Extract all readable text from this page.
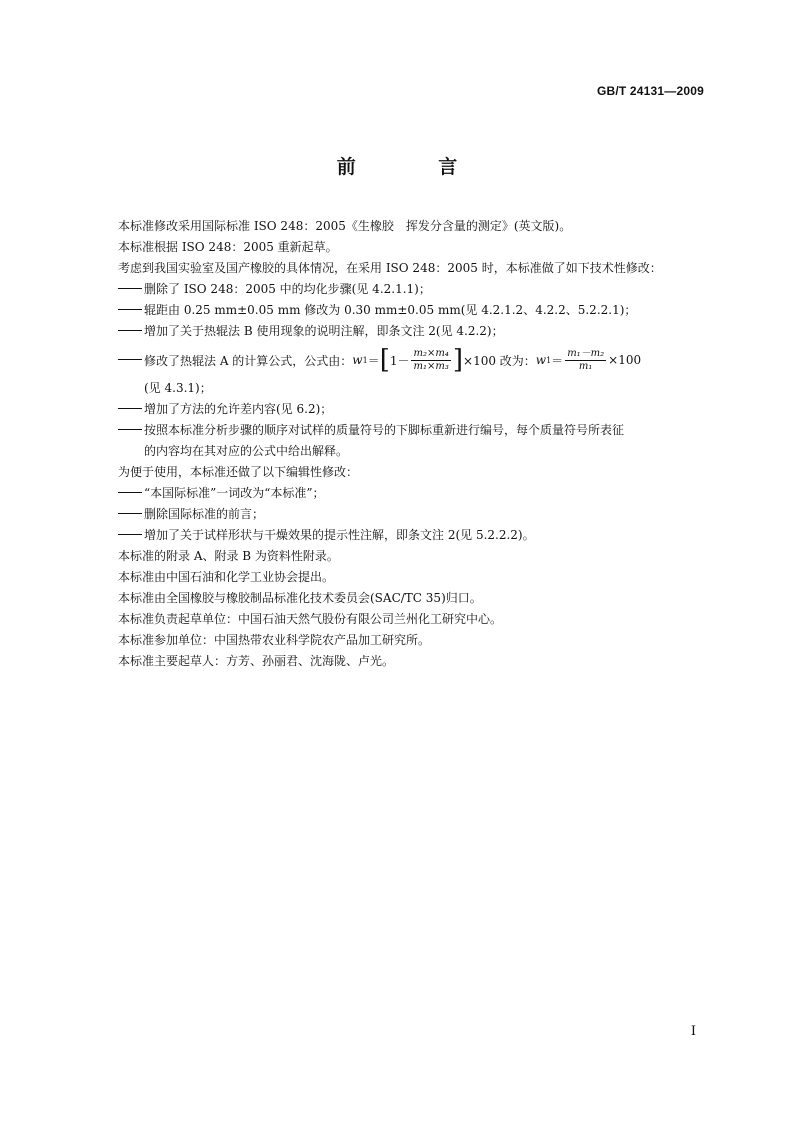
GB/T 24131—2009
前 言
本标准修改采用国际标准 ISO 248：2005《生橡胶　挥发分含量的测定》(英文版)。
本标准根据 ISO 248：2005 重新起草。
考虑到我国实验室及国产橡胶的具体情况，在采用 ISO 248：2005 时，本标准做了如下技术性修改：
删除了 ISO 248：2005 中的均化步骤(见 4.2.1.1)；
辊距由 0.25 mm±0.05 mm 修改为 0.30 mm±0.05 mm(见 4.2.1.2、4.2.2、5.2.2.1)；
增加了关于热辊法 B 使用现象的说明注解，即条文注 2(见 4.2.2)；
修改了热辊法 A 的计算公式，公式由： w 1 ＝ [ $1- \frac{\text{m₂×m₄}}{\text{m₁×m₃}}$ ] ×100 改为： w $1 = \frac{\text{m₁－m₂}}{\text{m₁}} \times 100$
(见 4.3.1)；
增加了方法的允许差内容(见 6.2)；
按照本标准分析步骤的顺序对试样的质量符号的下脚标重新进行编号，每个质量符号所表征
的内容均在其对应的公式中给出解释。
为便于使用，本标准还做了以下编辑性修改：
“本国际标准”一词改为“本标准”；
删除国际标准的前言；
增加了关于试样形状与干燥效果的提示性注解，即条文注 2(见 5.2.2.2)。
本标准的附录 A、附录 B 为资料性附录。
本标准由中国石油和化学工业协会提出。
本标准由全国橡胶与橡胶制品标准化技术委员会(SAC/TC 35)归口。
本标准负责起草单位：中国石油天然气股份有限公司兰州化工研究中心。
本标准参加单位：中国热带农业科学院农产品加工研究所。
本标准主要起草人：方芳、孙丽君、沈海陇、卢光。
I
